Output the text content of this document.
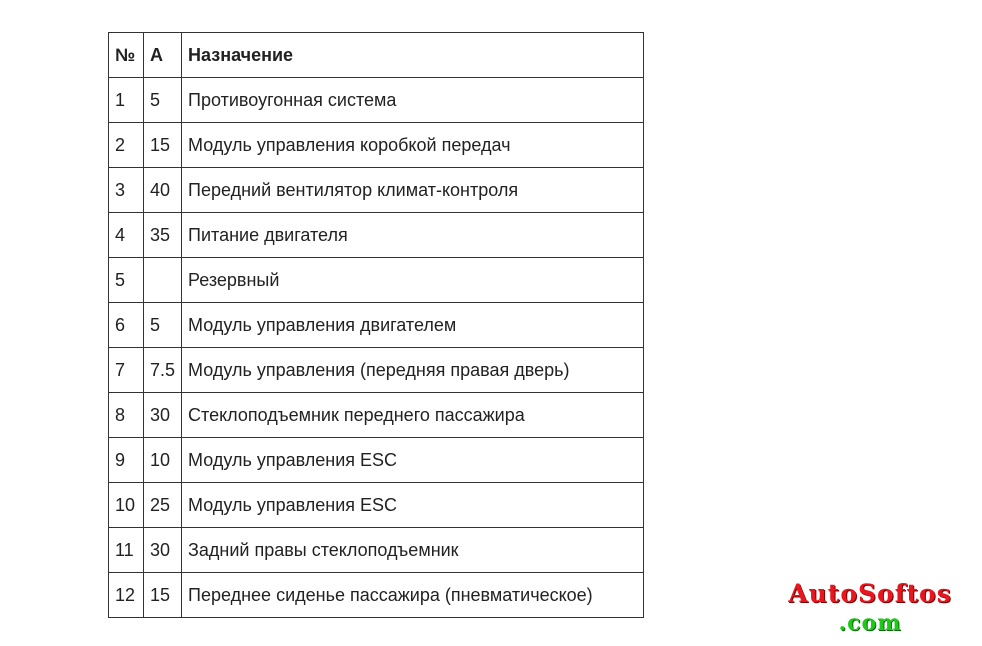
№	A	Назначение
1	5	Противоугонная система
2	15	Модуль управления коробкой передач
3	40	Передний вентилятор климат-контроля
4	35	Питание двигателя
5		Резервный
6	5	Модуль управления двигателем
7	7.5	Модуль управления (передняя правая дверь)
8	30	Стеклоподъемник переднего пассажира
9	10	Модуль управления ESC
10	25	Модуль управления ESC
11	30	Задний правы стеклоподъемник
12	15	Переднее сиденье пассажира (пневматическое)	AutoSoftos
.com
